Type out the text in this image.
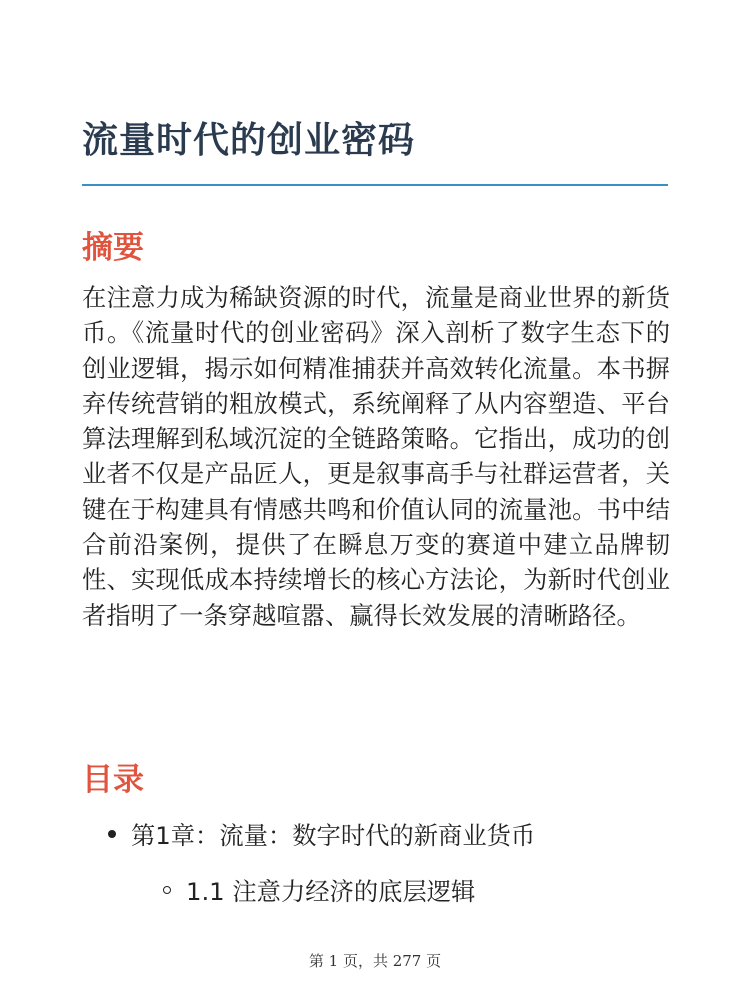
流量时代的创业密码
摘要

在注意力成为稀缺资源的时代，流量是商业世界的新货币。《流量时代的创业密码》深入剖析了数字生态下的创业逻辑，揭示如何精准捕获并高效转化流量。本书摒弃传统营销的粗放模式，系统阐释了从内容塑造、平台算法理解到私域沉淀的全链路策略。它指出，成功的创业者不仅是产品匠人，更是叙事高手与社群运营者，关键在于构建具有情感共鸣和价值认同的流量池。书中结合前沿案例，提供了在瞬息万变的赛道中建立品牌韧性、实现低成本持续增长的核心方法论，为新时代创业者指明了一条穿越喧嚣、赢得长效发展的清晰路径。

目录
第1章：流量：数字时代的新商业货币
1.1 注意力经济的底层逻辑
第 1 页，共 277 页
